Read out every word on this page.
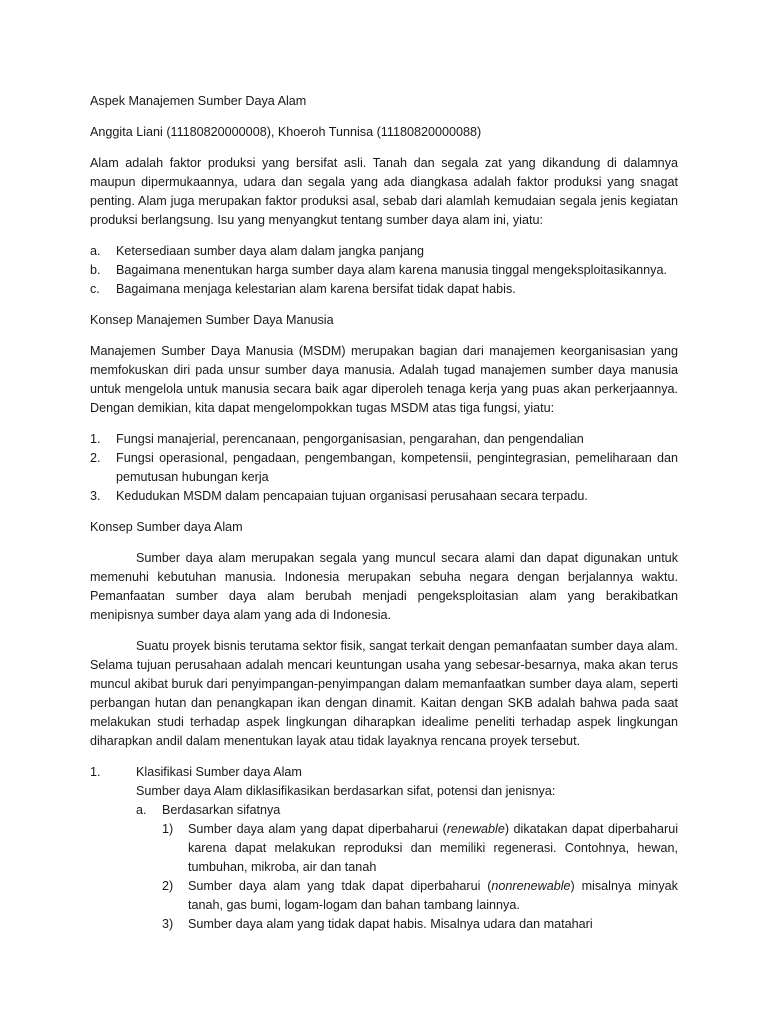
Aspek Manajemen Sumber Daya Alam

Anggita Liani (11180820000008), Khoeroh Tunnisa (11180820000088)

Alam adalah faktor produksi yang bersifat asli. Tanah dan segala zat yang dikandung di dalamnya maupun dipermukaannya, udara dan segala yang ada diangkasa adalah faktor produksi yang snagat penting. Alam juga merupakan faktor produksi asal, sebab dari alamlah kemudaian segala jenis kegiatan produksi berlangsung. Isu yang menyangkut tentang sumber daya alam ini, yiatu:

a.	Ketersediaan sumber daya alam dalam jangka panjang
b.	Bagaimana menentukan harga sumber daya alam karena manusia tinggal mengeksploitasikannya.
c.	Bagaimana menjaga kelestarian alam karena bersifat tidak dapat habis.

Konsep Manajemen Sumber Daya Manusia

Manajemen Sumber Daya Manusia (MSDM) merupakan bagian dari manajemen keorganisasian yang memfokuskan diri pada unsur sumber daya manusia. Adalah tugad manajemen sumber daya manusia untuk mengelola untuk manusia secara baik agar diperoleh tenaga kerja yang puas akan perkerjaannya. Dengan demikian, kita dapat mengelompokkan tugas MSDM atas tiga fungsi, yiatu:

1.	Fungsi manajerial, perencanaan, pengorganisasian, pengarahan, dan pengendalian
2.	Fungsi operasional, pengadaan, pengembangan, kompetensii, pengintegrasian, pemeliharaan dan pemutusan hubungan kerja
3.	Kedudukan MSDM dalam pencapaian tujuan organisasi perusahaan secara terpadu.

Konsep Sumber daya Alam

Sumber daya alam merupakan segala yang muncul secara alami dan dapat digunakan untuk memenuhi kebutuhan manusia. Indonesia merupakan sebuha negara dengan berjalannya waktu. Pemanfaatan sumber daya alam berubah menjadi pengeksploitasian alam yang berakibatkan menipisnya sumber daya alam yang ada di Indonesia.

Suatu proyek bisnis terutama sektor fisik, sangat terkait dengan pemanfaatan sumber daya alam. Selama tujuan perusahaan adalah mencari keuntungan usaha yang sebesar-besarnya, maka akan terus muncul akibat buruk dari penyimpangan-penyimpangan dalam memanfaatkan sumber daya alam, seperti perbangan hutan dan penangkapan ikan dengan dinamit. Kaitan dengan SKB adalah bahwa pada saat melakukan studi terhadap aspek lingkungan diharapkan idealime peneliti terhadap aspek lingkungan diharapkan andil dalam menentukan layak atau tidak layaknya rencana proyek tersebut.

1.	Klasifikasi Sumber daya Alam

Sumber daya Alam diklasifikasikan berdasarkan sifat, potensi dan jenisnya:

a.	Berdasarkan sifatnya
1)	Sumber daya alam yang dapat diperbaharui (renewable) dikatakan dapat diperbaharui karena dapat melakukan reproduksi dan memiliki regenerasi. Contohnya, hewan, tumbuhan, mikroba, air dan tanah
2)	Sumber daya alam yang tdak dapat diperbaharui (nonrenewable) misalnya minyak tanah, gas bumi, logam-logam dan bahan tambang lainnya.
3)	Sumber daya alam yang tidak dapat habis. Misalnya udara dan matahari
